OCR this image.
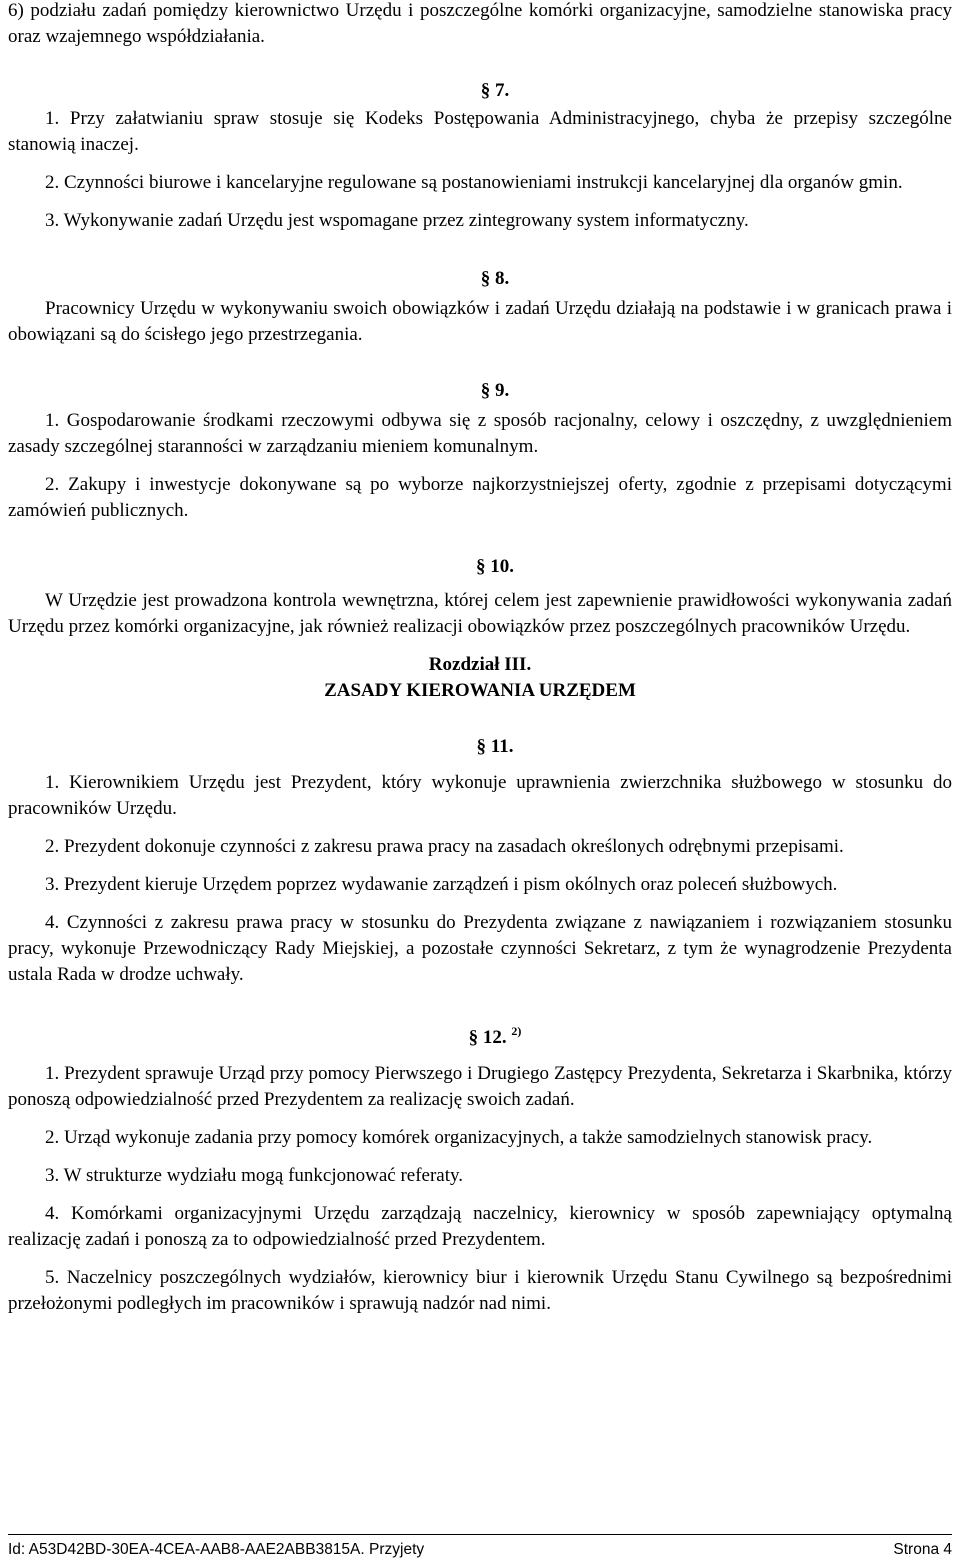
6) podziału zadań pomiędzy kierownictwo Urzędu i poszczególne komórki organizacyjne, samodzielne stanowiska pracy oraz wzajemnego współdziałania.

§ 7.

1. Przy załatwianiu spraw stosuje się Kodeks Postępowania Administracyjnego, chyba że przepisy szczególne stanowią inaczej.

2. Czynności biurowe i kancelaryjne regulowane są postanowieniami instrukcji kancelaryjnej dla organów gmin.

3. Wykonywanie zadań Urzędu jest wspomagane przez zintegrowany system informatyczny.

§ 8.

Pracownicy Urzędu w wykonywaniu swoich obowiązków i zadań Urzędu działają na podstawie i w granicach prawa i obowiązani są do ścisłego jego przestrzegania.

§ 9.

1. Gospodarowanie środkami rzeczowymi odbywa się z sposób racjonalny, celowy i oszczędny, z uwzględnieniem zasady szczególnej staranności w zarządzaniu mieniem komunalnym.

2. Zakupy i inwestycje dokonywane są po wyborze najkorzystniejszej oferty, zgodnie z przepisami dotyczącymi zamówień publicznych.

§ 10.

W Urzędzie jest prowadzona kontrola wewnętrzna, której celem jest zapewnienie prawidłowości wykonywania zadań Urzędu przez komórki organizacyjne, jak również realizacji obowiązków przez poszczególnych pracowników Urzędu.

Rozdział III.
ZASADY KIEROWANIA URZĘDEM
§ 11.

1. Kierownikiem Urzędu jest Prezydent, który wykonuje uprawnienia zwierzchnika służbowego w stosunku do pracowników Urzędu.

2. Prezydent dokonuje czynności z zakresu prawa pracy na zasadach określonych odrębnymi przepisami.

3. Prezydent kieruje Urzędem poprzez wydawanie zarządzeń i pism okólnych oraz poleceń służbowych.

4. Czynności z zakresu prawa pracy w stosunku do Prezydenta związane z nawiązaniem i rozwiązaniem stosunku pracy, wykonuje Przewodniczący Rady Miejskiej, a pozostałe czynności Sekretarz, z tym że wynagrodzenie Prezydenta ustala Rada w drodze uchwały.

§ 12. $^{2)}$

1. Prezydent sprawuje Urząd przy pomocy Pierwszego i Drugiego Zastępcy Prezydenta, Sekretarza i Skarbnika, którzy ponoszą odpowiedzialność przed Prezydentem za realizację swoich zadań.

2. Urząd wykonuje zadania przy pomocy komórek organizacyjnych, a także samodzielnych stanowisk pracy.

3. W strukturze wydziału mogą funkcjonować referaty.

4. Komórkami organizacyjnymi Urzędu zarządzają naczelnicy, kierownicy w sposób zapewniający optymalną realizację zadań i ponoszą za to odpowiedzialność przed Prezydentem.

5. Naczelnicy poszczególnych wydziałów, kierownicy biur i kierownik Urzędu Stanu Cywilnego są bezpośrednimi przełożonymi podległych im pracowników i sprawują nadzór nad nimi.

Id: A53D42BD-30EA-4CEA-AAB8-AAE2ABB3815A. Przyjety	Strona 4
